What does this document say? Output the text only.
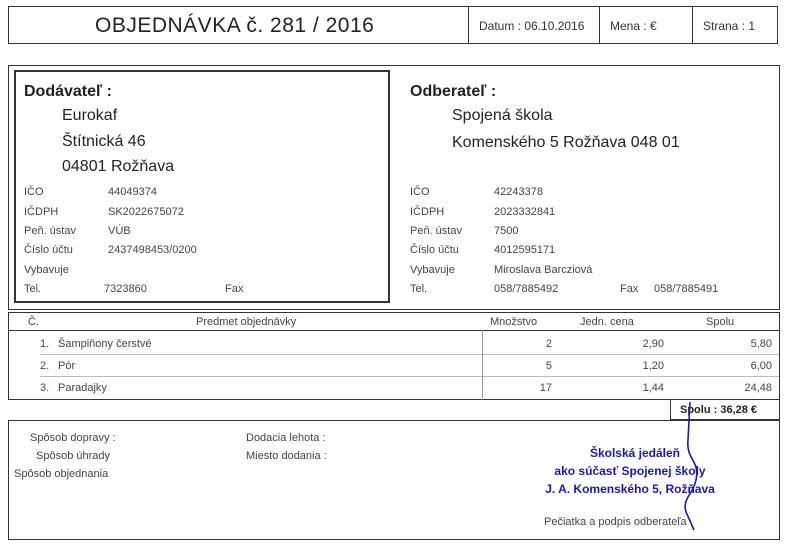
OBJEDNÁVKA č. 281 / 2016	Datum : 06.10.2016	Mena : €	Strana : 1
Dodávateľ :
Eurokaf
Štítnická 46
04801 Rožňava
IČO	44049374
IČDPH	SK2022675072
Peň. ústav	VÚB
Číslo účtu	2437498453/0200
Vybavuje
Tel.	7323860	Fax
Odberateľ :
Spojená škola
Komenského 5 Rožňava 048 01
IČO	42243378
IČDPH	2023332841
Peň. ústav	7500
Číslo účtu	4012595171
Vybavuje	Miroslava Barcziová
Tel.	058/7885492	Fax 058/7885491
Č.	Predmet objednávky	Množstvo	Jedn. cena	Spolu
1. Šampiňony čerstvé	2	2,90	5,80
2. Pór	5	1,20	6,00
3. Paradajky	17	1,44	24,48
Spolu : 36,28 €
Spôsob dopravy :
Spôsob úhrady
Spôsob objednania
Dodacia lehota :
Miesto dodania :	Školská jedáleň
ako súčasť Spojenej školy
J. A. Komenského 5, Rožňava
Pečiatka a podpis odberateľa
